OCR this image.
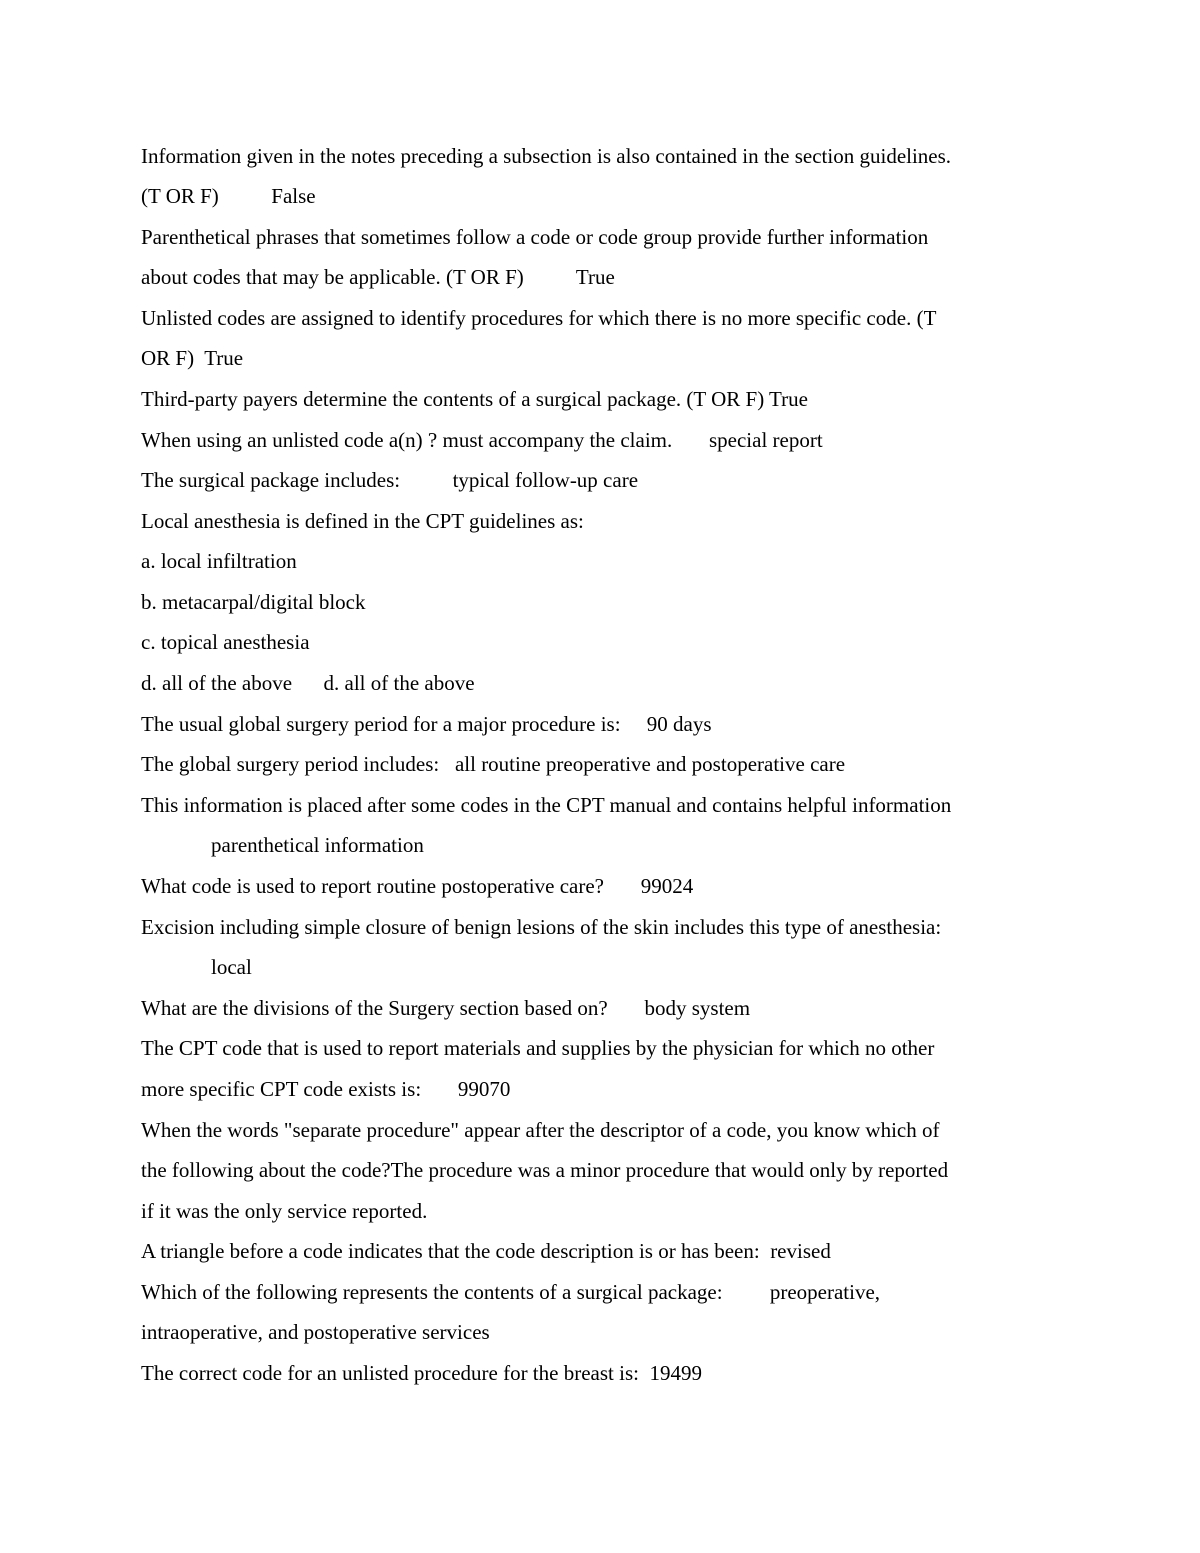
Information given in the notes preceding a subsection is also contained in the section guidelines.
(T OR F)          False
Parenthetical phrases that sometimes follow a code or code group provide further information
about codes that may be applicable. (T OR F)          True
Unlisted codes are assigned to identify procedures for which there is no more specific code. (T
OR F)  True
Third-party payers determine the contents of a surgical package. (T OR F) True
When using an unlisted code a(n) ? must accompany the claim.       special report
The surgical package includes:          typical follow-up care
Local anesthesia is defined in the CPT guidelines as:
a. local infiltration
b. metacarpal/digital block
c. topical anesthesia
d. all of the above      d. all of the above
The usual global surgery period for a major procedure is:     90 days
The global surgery period includes:   all routine preoperative and postoperative care
This information is placed after some codes in the CPT manual and contains helpful information
parenthetical information
What code is used to report routine postoperative care?       99024
Excision including simple closure of benign lesions of the skin includes this type of anesthesia:
local
What are the divisions of the Surgery section based on?       body system
The CPT code that is used to report materials and supplies by the physician for which no other
more specific CPT code exists is:       99070
When the words "separate procedure" appear after the descriptor of a code, you know which of
the following about the code?The procedure was a minor procedure that would only by reported
if it was the only service reported.
A triangle before a code indicates that the code description is or has been:  revised
Which of the following represents the contents of a surgical package:         preoperative,
intraoperative, and postoperative services
The correct code for an unlisted procedure for the breast is:  19499
